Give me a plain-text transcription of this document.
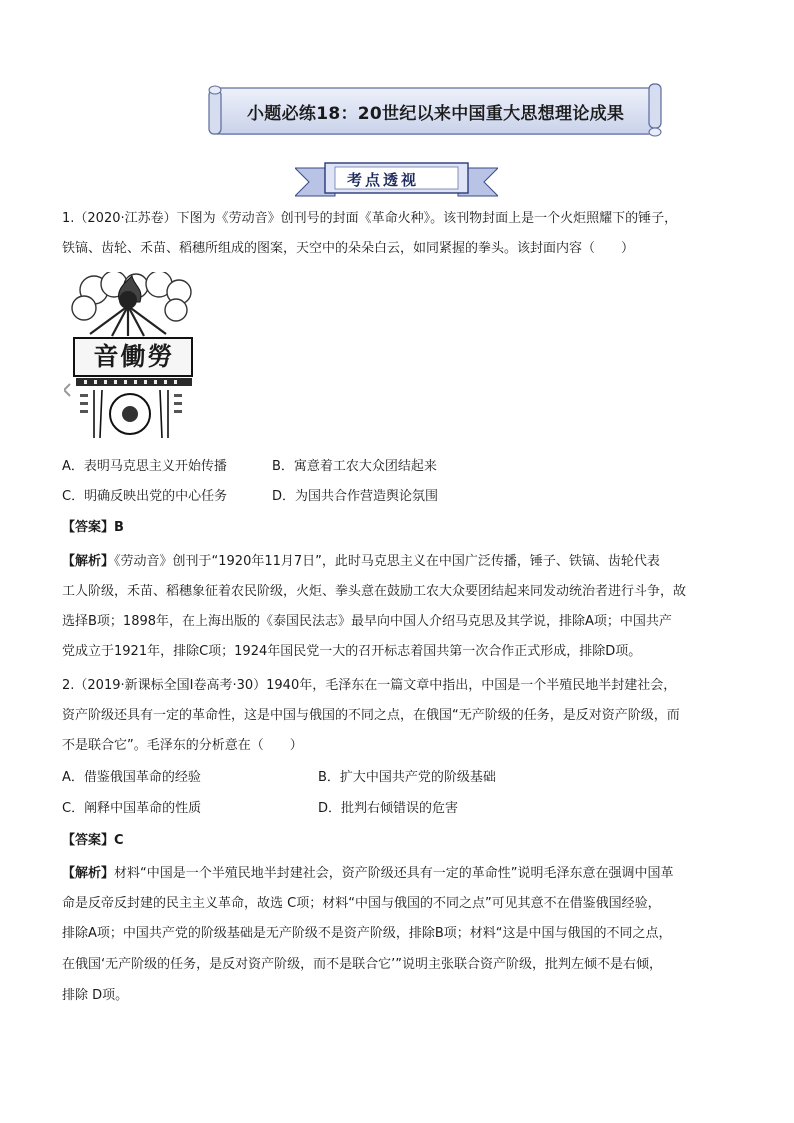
小题必练18：20世纪以来中国重大思想理论成果
考点透视
1.（2020·江苏卷）下图为《劳动音》创刊号的封面《革命火种》。该刊物封面上是一个火炬照耀下的锤子，
铁镐、齿轮、禾苗、稻穗所组成的图案，天空中的朵朵白云，如同紧握的拳头。该封面内容（　　）
音働勞
A．表明马克思主义开始传播	B．寓意着工农大众团结起来
C．明确反映出党的中心任务	D．为国共合作营造舆论氛围
【答案】B
【解析】《劳动音》创刊于“1920年11月7日”，此时马克思主义在中国广泛传播，锤子、铁镐、齿轮代表
工人阶级，禾苗、稻穗象征着农民阶级，火炬、拳头意在鼓励工农大众要团结起来同发动统治者进行斗争，故
选择B项；1898年，在上海出版的《泰国民法志》最早向中国人介绍马克思及其学说，排除A项；中国共产
党成立于1921年，排除C项；1924年国民党一大的召开标志着国共第一次合作正式形成，排除D项。
2.（2019·新课标全国Ⅰ卷高考·30）1940年，毛泽东在一篇文章中指出，中国是一个半殖民地半封建社会，
资产阶级还具有一定的革命性，这是中国与俄国的不同之点，在俄国“无产阶级的任务，是反对资产阶级，而
不是联合它”。毛泽东的分析意在（　　）
A．借鉴俄国革命的经验	B．扩大中国共产党的阶级基础
C．阐释中国革命的性质	D．批判右倾错误的危害
【答案】C
【解析】材料“中国是一个半殖民地半封建社会，资产阶级还具有一定的革命性”说明毛泽东意在强调中国革
命是反帝反封建的民主主义革命，故选 C项；材料“中国与俄国的不同之点”可见其意不在借鉴俄国经验，
排除A项；中国共产党的阶级基础是无产阶级不是资产阶级，排除B项；材料“这是中国与俄国的不同之点，
在俄国‘无产阶级的任务，是反对资产阶级，而不是联合它’”说明主张联合资产阶级，批判左倾不是右倾，
排除 D项。
